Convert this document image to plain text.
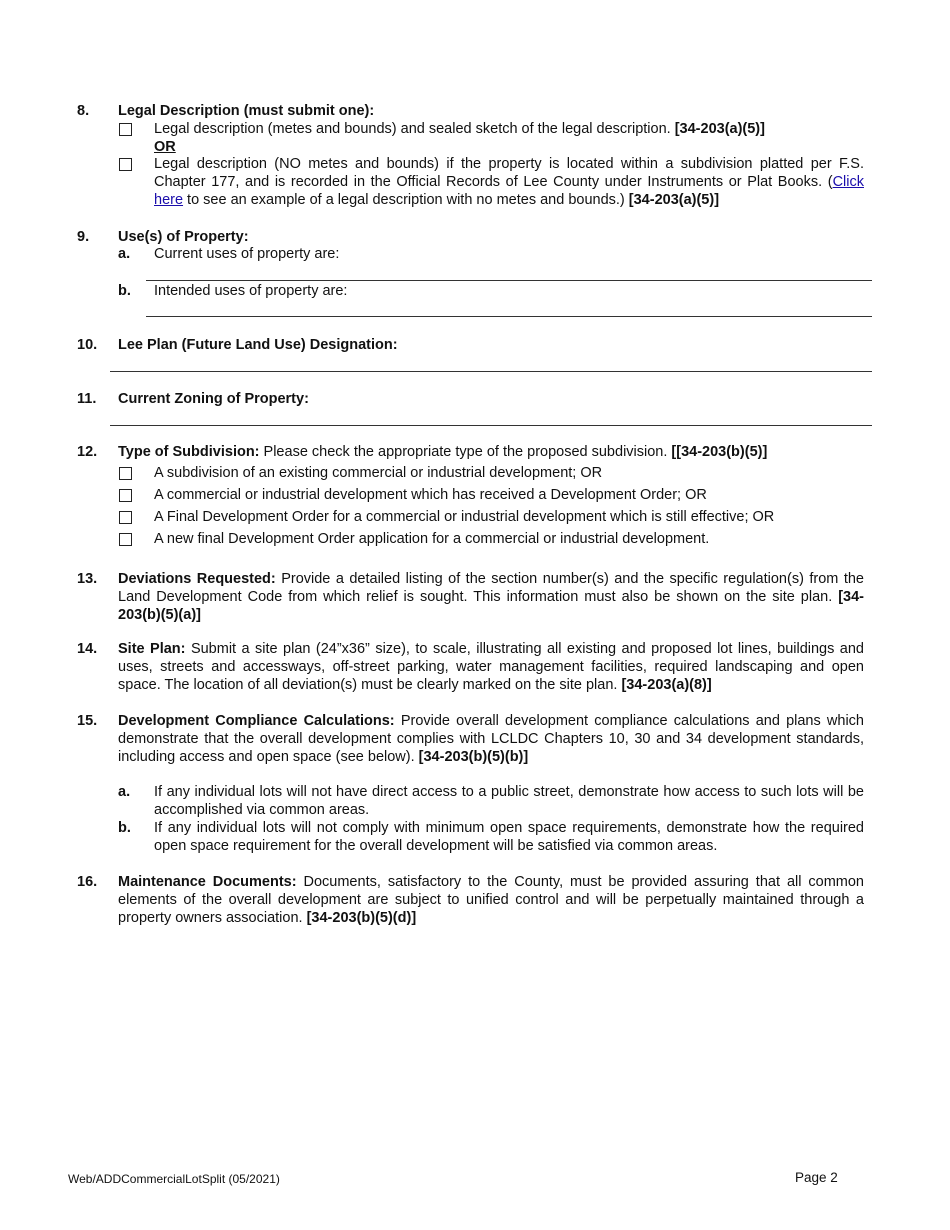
8. Legal Description (must submit one):
Legal description (metes and bounds) and sealed sketch of the legal description. [34-203(a)(5)]
OR
Legal description (NO metes and bounds) if the property is located within a subdivision platted per F.S. Chapter 177, and is recorded in the Official Records of Lee County under Instruments or Plat Books. (Click here to see an example of a legal description with no metes and bounds.) [34-203(a)(5)]
9. Use(s) of Property:
a. Current uses of property are:
b. Intended uses of property are:
10. Lee Plan (Future Land Use) Designation:
11. Current Zoning of Property:
12. Type of Subdivision: Please check the appropriate type of the proposed subdivision. [[34-203(b)(5)]
A subdivision of an existing commercial or industrial development; OR
A commercial or industrial development which has received a Development Order; OR
A Final Development Order for a commercial or industrial development which is still effective; OR
A new final Development Order application for a commercial or industrial development.
13. Deviations Requested: Provide a detailed listing of the section number(s) and the specific regulation(s) from the Land Development Code from which relief is sought. This information must also be shown on the site plan. [34-203(b)(5)(a)]
14. Site Plan: Submit a site plan (24”x36” size), to scale, illustrating all existing and proposed lot lines, buildings and uses, streets and accessways, off-street parking, water management facilities, required landscaping and open space. The location of all deviation(s) must be clearly marked on the site plan. [34-203(a)(8)]
15. Development Compliance Calculations: Provide overall development compliance calculations and plans which demonstrate that the overall development complies with LCLDC Chapters 10, 30 and 34 development standards, including access and open space (see below). [34-203(b)(5)(b)]
a. If any individual lots will not have direct access to a public street, demonstrate how access to such lots will be accomplished via common areas.
b. If any individual lots will not comply with minimum open space requirements, demonstrate how the required open space requirement for the overall development will be satisfied via common areas.
16. Maintenance Documents: Documents, satisfactory to the County, must be provided assuring that all common elements of the overall development are subject to unified control and will be perpetually maintained through a property owners association. [34-203(b)(5)(d)]
Web/ADDCommercialLotSplit (05/2021)	Page 2
